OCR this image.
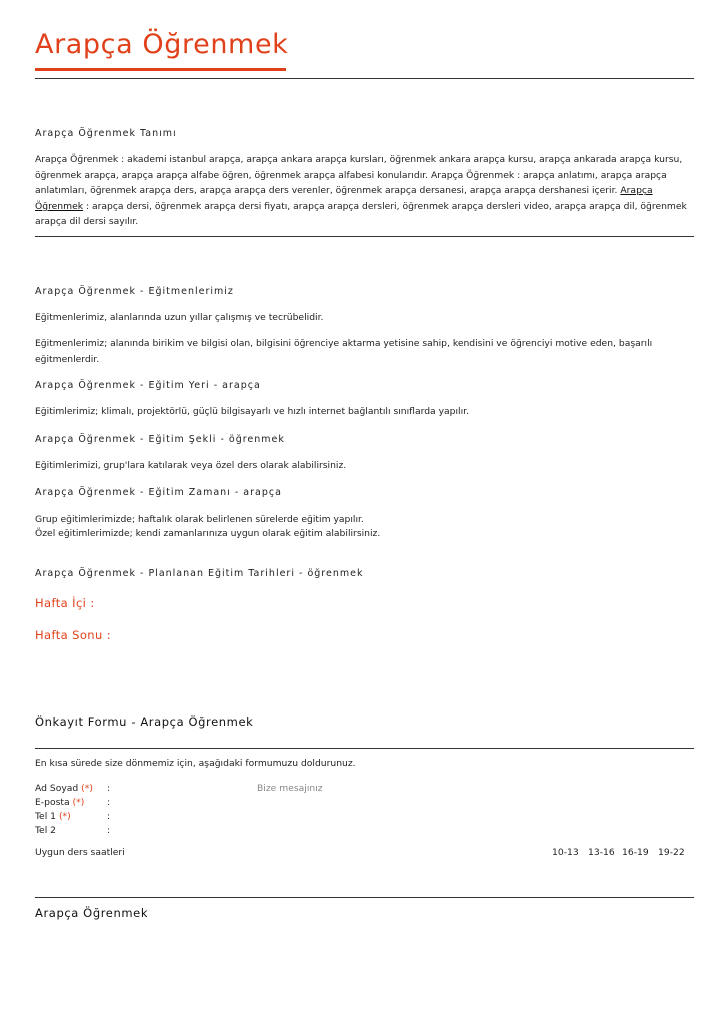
Arapça Öğrenmek
Arapça Öğrenmek Tanımı
Arapça Öğrenmek : akademi istanbul arapça, arapça ankara arapça kursları, öğrenmek ankara arapça kursu, arapça ankarada arapça kursu, öğrenmek arapça, arapça arapça alfabe öğren, öğrenmek arapça alfabesi konularıdır. Arapça Öğrenmek : arapça anlatımı, arapça arapça anlatımları, öğrenmek arapça ders, arapça arapça ders verenler, öğrenmek arapça dersanesi, arapça arapça dershanesi içerir. Arapça Öğrenmek : arapça dersi, öğrenmek arapça dersi fiyatı, arapça arapça dersleri, öğrenmek arapça dersleri video, arapça arapça dil, öğrenmek arapça dil dersi sayılır.
Arapça Öğrenmek - Eğitmenlerimiz
Eğitmenlerimiz, alanlarında uzun yıllar çalışmış ve tecrübelidir.
Eğitmenlerimiz; alanında birikim ve bilgisi olan, bilgisini öğrenciye aktarma yetisine sahip, kendisini ve öğrenciyi motive eden, başarılı eğitmenlerdir.
Arapça Öğrenmek - Eğitim Yeri - arapça
Eğitimlerimiz; klimalı, projektörlü, güçlü bilgisayarlı ve hızlı internet bağlantılı sınıflarda yapılır.
Arapça Öğrenmek - Eğitim Şekli - öğrenmek
Eğitimlerimizi, grup'lara katılarak veya özel ders olarak alabilirsiniz.
Arapça Öğrenmek - Eğitim Zamanı - arapça
Grup eğitimlerimizde; haftalık olarak belirlenen sürelerde eğitim yapılır.
Özel eğitimlerimizde; kendi zamanlarınıza uygun olarak eğitim alabilirsiniz.
Arapça Öğrenmek - Planlanan Eğitim Tarihleri - öğrenmek
Hafta İçi :
Hafta Sonu :
Önkayıt Formu - Arapça Öğrenmek
En kısa sürede size dönmemiz için, aşağıdaki formumuzu doldurunuz.
Ad Soyad (*) :
E-posta (*) :
Tel 1 (*)	:
Tel 2	:
Bize mesajınız
Uygun ders saatleri	10-13 13-16 16-19 19-22
Arapça Öğrenmek
